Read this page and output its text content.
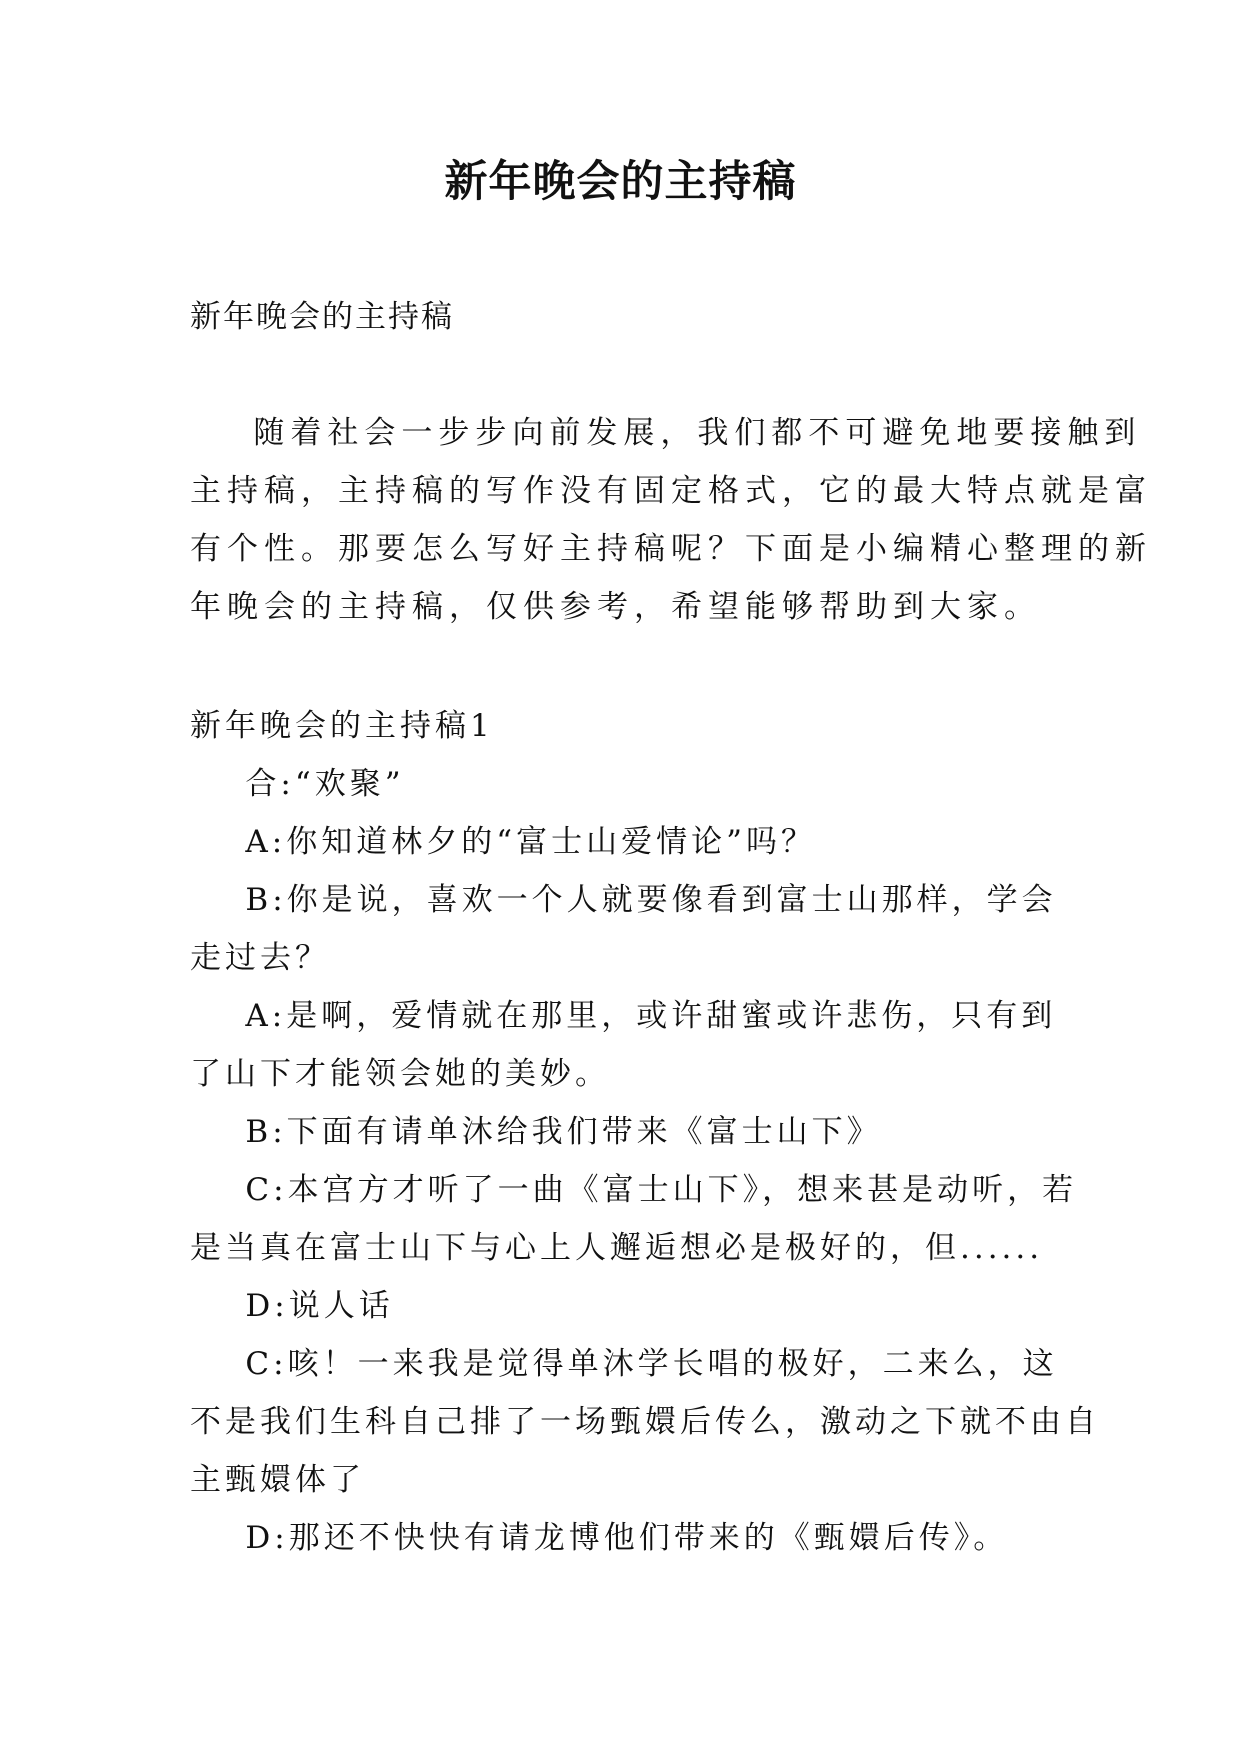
新年晚会的主持稿

新年晚会的主持稿

随着社会一步步向前发展，我们都不可避免地要接触到

主持稿，主持稿的写作没有固定格式，它的最大特点就是富

有个性。那要怎么写好主持稿呢？下面是小编精心整理的新

年晚会的主持稿，仅供参考，希望能够帮助到大家。

新年晚会的主持稿1

合:“欢聚”

A:你知道林夕的“富士山爱情论”吗？

B:你是说，喜欢一个人就要像看到富士山那样，学会

走过去？

A:是啊，爱情就在那里，或许甜蜜或许悲伤，只有到

了山下才能领会她的美妙。

B:下面有请单沐给我们带来《富士山下》

C:本宫方才听了一曲《富士山下》，想来甚是动听，若

是当真在富士山下与心上人邂逅想必是极好的，但......

D:说人话

C:咳！一来我是觉得单沐学长唱的极好，二来么，这

不是我们生科自己排了一场甄嬛后传么，激动之下就不由自

主甄嬛体了

D:那还不快快有请龙博他们带来的《甄嬛后传》。
